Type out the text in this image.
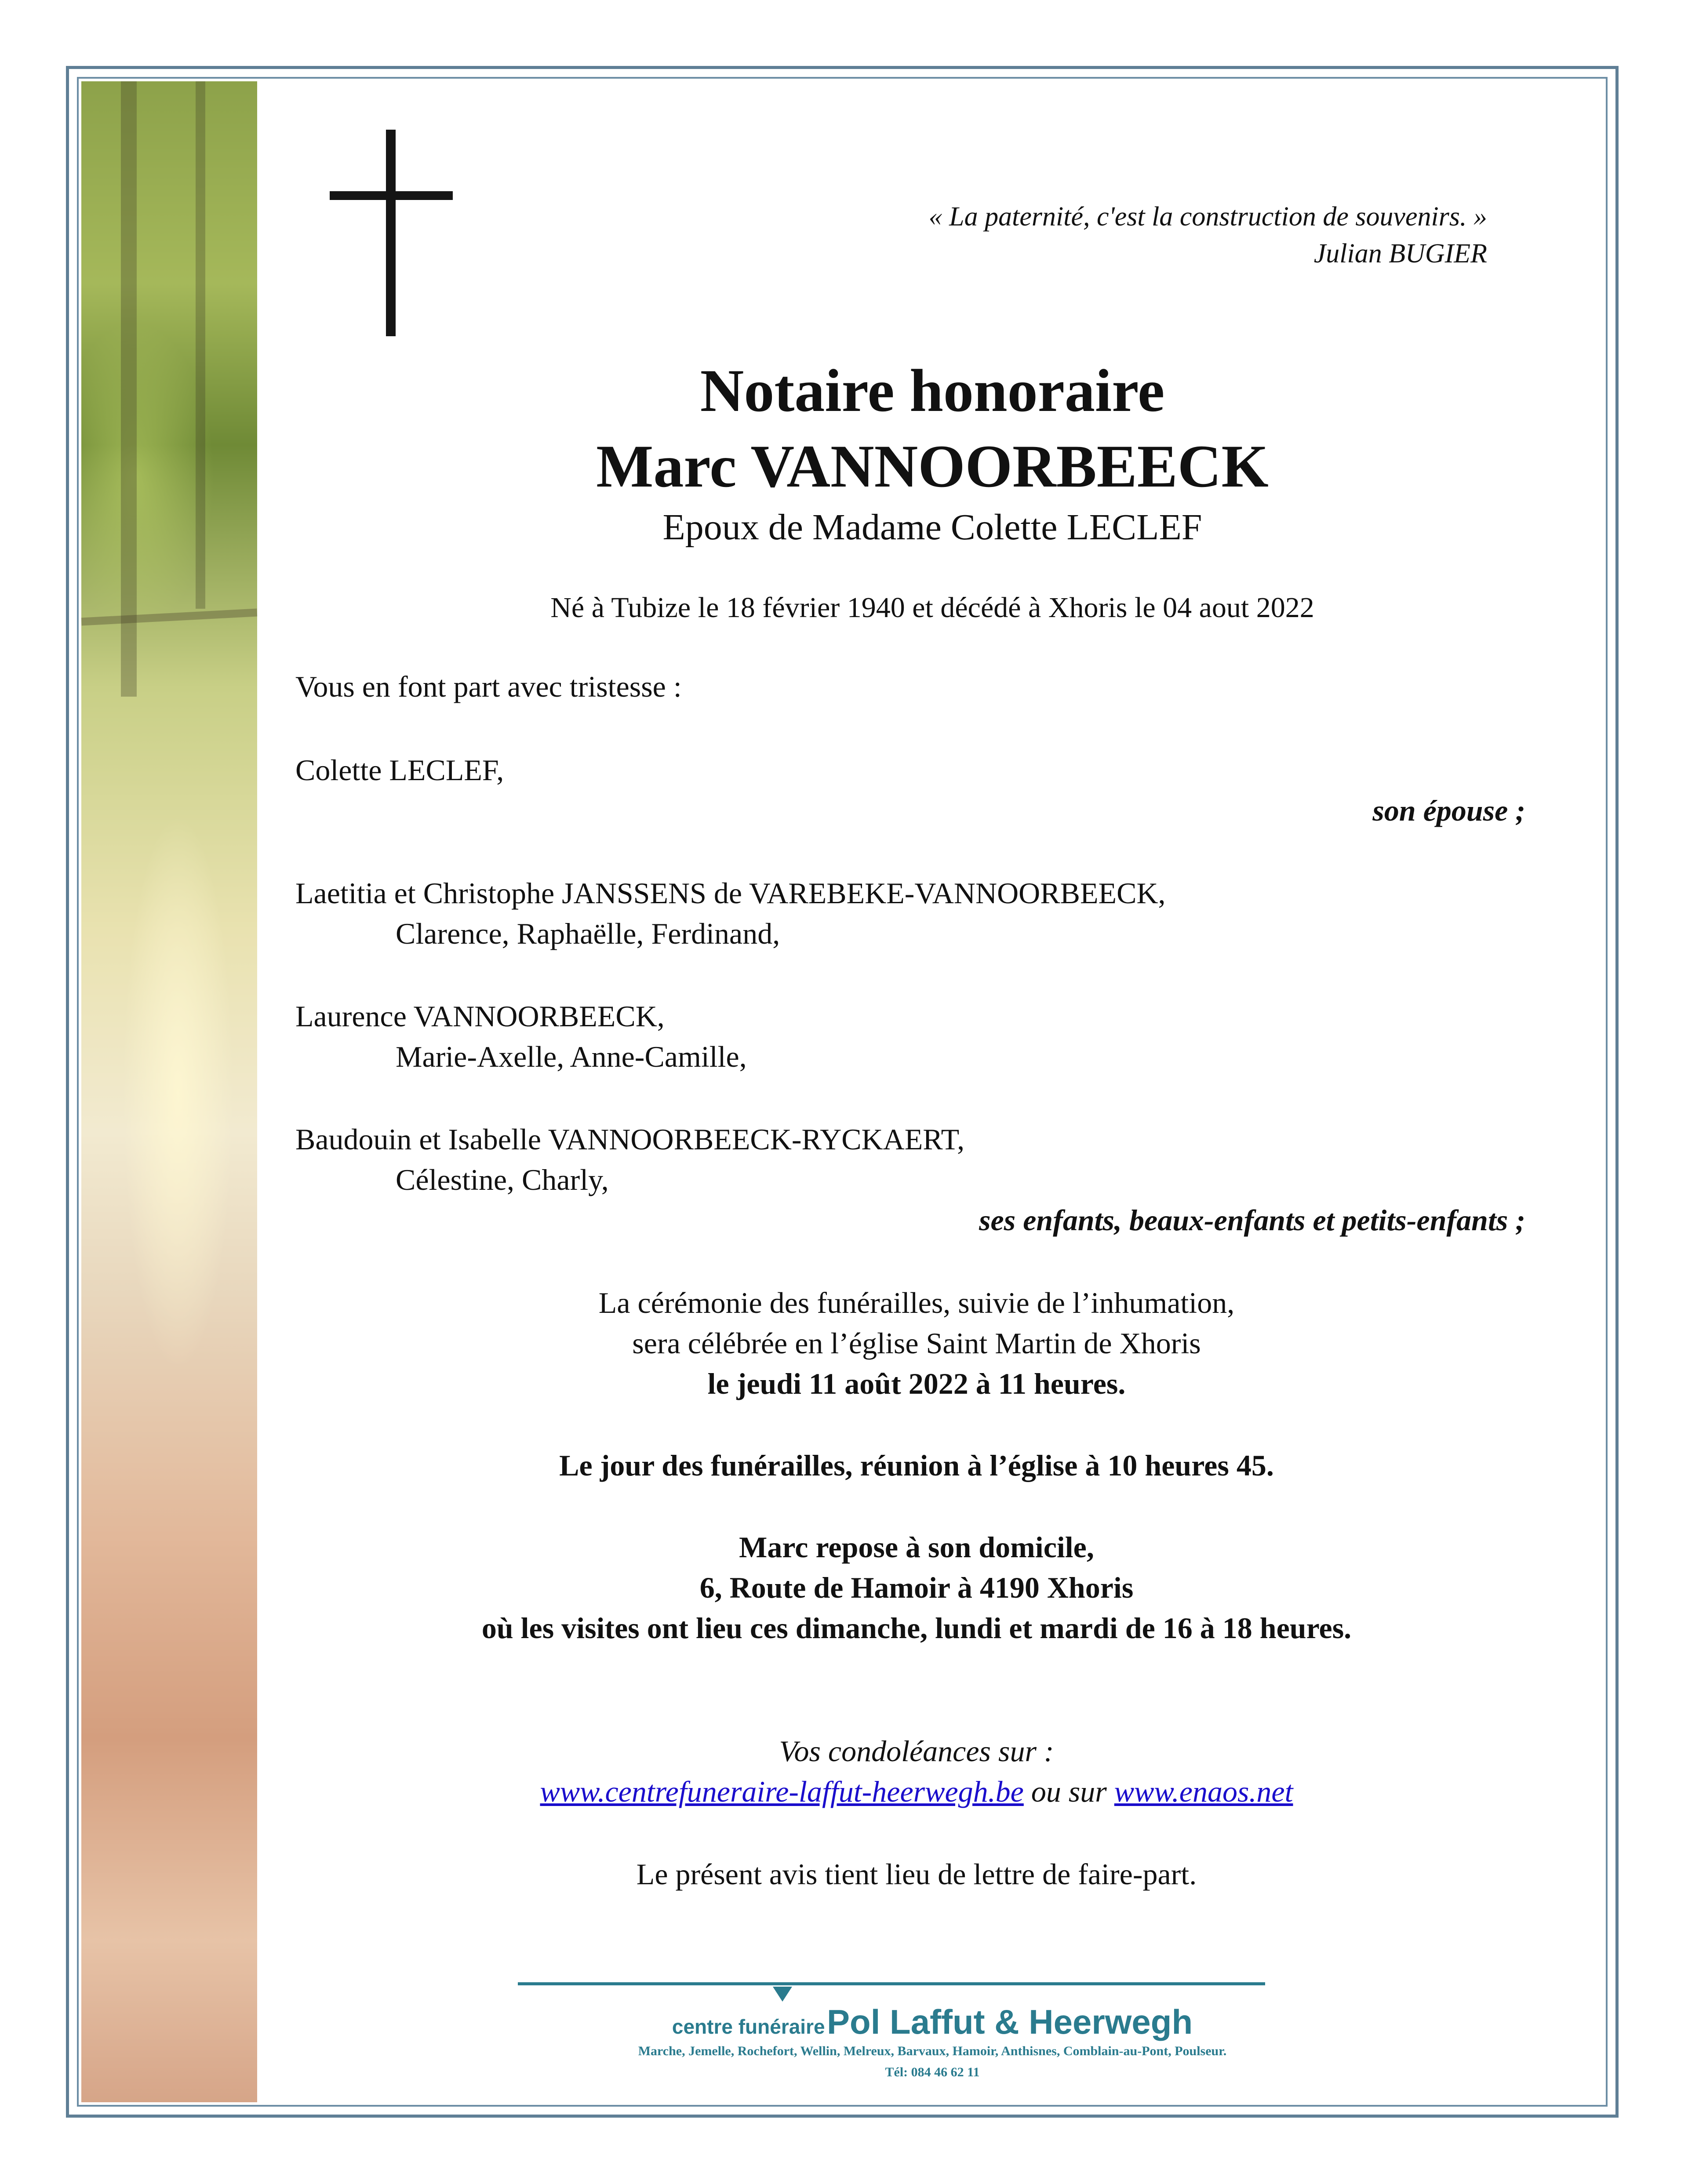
« La paternité, c'est la construction de souvenirs. »
Julian BUGIER
Notaire honoraire
Marc VANNOORBEECK
Epoux de Madame Colette LECLEF
Né à Tubize le 18 février 1940 et décédé à Xhoris le 04 aout 2022
Vous en font part avec tristesse :
Colette LECLEF,
son épouse ;
Laetitia et Christophe JANSSENS de VAREBEKE-VANNOORBEECK,
Clarence, Raphaëlle, Ferdinand,
Laurence VANNOORBEECK,
Marie-Axelle, Anne-Camille,
Baudouin et Isabelle VANNOORBEECK-RYCKAERT,
Célestine, Charly,
ses enfants, beaux-enfants et petits-enfants ;
La cérémonie des funérailles, suivie de l’inhumation,
sera célébrée en l’église Saint Martin de Xhoris
le jeudi 11 août 2022 à 11 heures.
Le jour des funérailles, réunion à l’église à 10 heures 45.
Marc repose à son domicile,
6, Route de Hamoir à 4190 Xhoris
où les visites ont lieu ces dimanche, lundi et mardi de 16 à 18 heures.
Vos condoléances sur :
www.centrefuneraire-laffut-heerwegh.be ou sur www.enaos.net
Le présent avis tient lieu de lettre de faire-part.
centre funéraire Pol Laffut & Heerwegh
Marche, Jemelle, Rochefort, Wellin, Melreux, Barvaux, Hamoir, Anthisnes, Comblain-au-Pont, Poulseur.
Tél: 084 46 62 11
